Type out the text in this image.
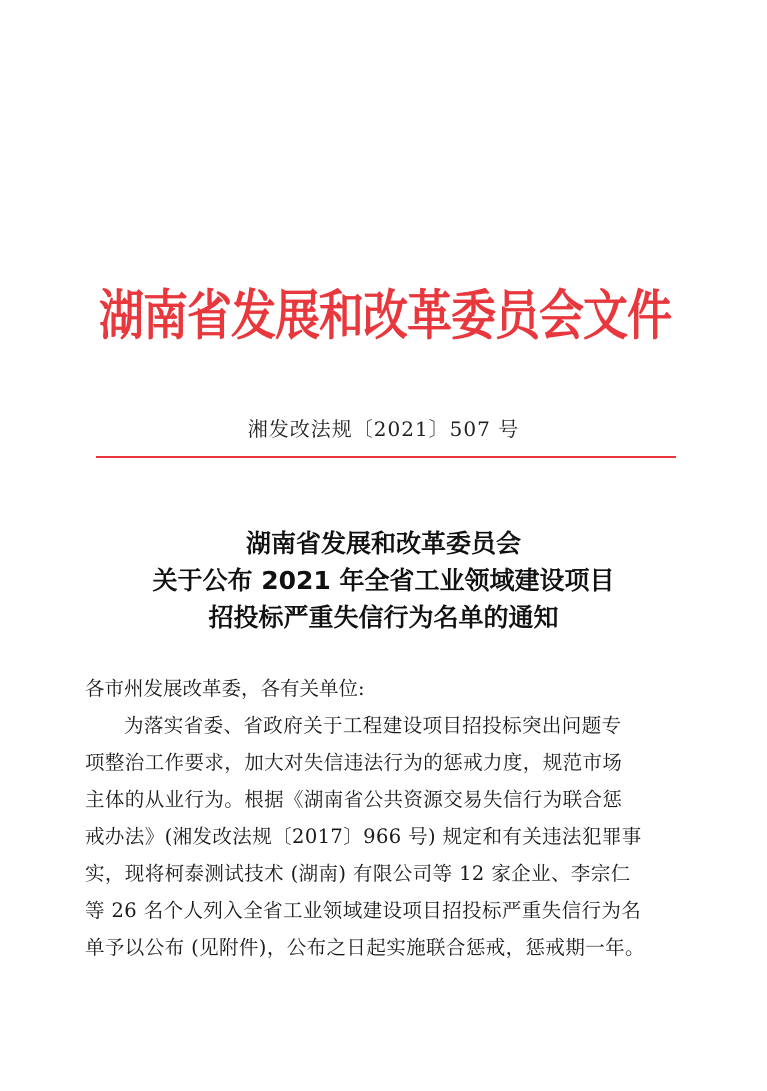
湖南省发展和改革委员会文件
湘发改法规〔2021〕507 号
湖南省发展和改革委员会
关于公布 2021 年全省工业领域建设项目
招投标严重失信行为名单的通知
各市州发展改革委，各有关单位:
为落实省委、省政府关于工程建设项目招投标突出问题专
项整治工作要求，加大对失信违法行为的惩戒力度，规范市场
主体的从业行为。根据《湖南省公共资源交易失信行为联合惩
戒办法》(湘发改法规〔2017〕966 号) 规定和有关违法犯罪事
实，现将柯泰测试技术 (湖南) 有限公司等 12 家企业、李宗仁
等 26 名个人列入全省工业领域建设项目招投标严重失信行为名
单予以公布 (见附件)，公布之日起实施联合惩戒，惩戒期一年。
